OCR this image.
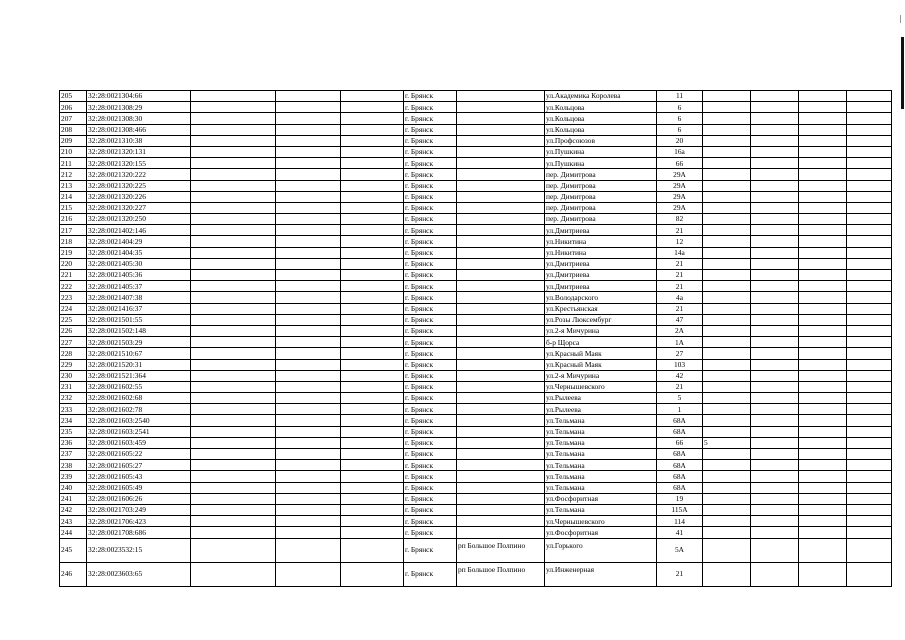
205	32:28:0021304:66				г. Брянск		ул.Академика Королева	11				
206	32:28:0021308:29				г. Брянск		ул.Кольцова	6				
207	32:28:0021308:30				г. Брянск		ул.Кольцова	6				
208	32:28:0021308:466				г. Брянск		ул.Кольцова	6				
209	32:28:0021310:38				г. Брянск		ул.Профсоюзов	20				
210	32:28:0021320:131				г. Брянск		ул.Пушкина	16а				
211	32:28:0021320:155				г. Брянск		ул.Пушкина	66				
212	32:28:0021320:222				г. Брянск		пер. Димитрова	29А				
213	32:28:0021320:225				г. Брянск		пер. Димитрова	29А				
214	32:28:0021320:226				г. Брянск		пер. Димитрова	29А				
215	32:28:0021320:227				г. Брянск		пер. Димитрова	29А				
216	32:28:0021320:250				г. Брянск		пер. Димитрова	82				
217	32:28:0021402:146				г. Брянск		ул.Дмитриева	21				
218	32:28:0021404:29				г. Брянск		ул.Никитина	12				
219	32:28:0021404:35				г. Брянск		ул.Никитина	14а				
220	32:28:0021405:30				г. Брянск		ул.Дмитриева	21				
221	32:28:0021405:36				г. Брянск		ул.Дмитриева	21				
222	32:28:0021405:37				г. Брянск		ул.Дмитриева	21				
223	32:28:0021407:38				г. Брянск		ул.Володарского	4а				
224	32:28:0021416:37				г. Брянск		ул.Крестьянская	21				
225	32:28:0021501:55				г. Брянск		ул.Розы Люксембург	47				
226	32:28:0021502:148				г. Брянск		ул.2-я Мичурина	2А				
227	32:28:0021503:29				г. Брянск		б-р Щорса	1А				
228	32:28:0021510:67				г. Брянск		ул.Красный Маяк	27				
229	32:28:0021520:31				г. Брянск		ул.Красный Маяк	103				
230	32:28:0021521:364				г. Брянск		ул.2-я Мичурина	42				
231	32:28:0021602:55				г. Брянск		ул.Чернышевского	21				
232	32:28:0021602:68				г. Брянск		ул.Рылеева	5				
233	32:28:0021602:78				г. Брянск		ул.Рылеева	1				
234	32:28:0021603:2540				г. Брянск		ул.Тельмана	68А				
235	32:28:0021603:2541				г. Брянск		ул.Тельмана	68А				
236	32:28:0021603:459				г. Брянск		ул.Тельмана	66	5			
237	32:28:0021605:22				г. Брянск		ул.Тельмана	68А				
238	32:28:0021605:27				г. Брянск		ул.Тельмана	68А				
239	32:28:0021605:43				г. Брянск		ул.Тельмана	68А				
240	32:28:0021605:49				г. Брянск		ул.Тельмана	68А				
241	32:28:0021606:26				г. Брянск		ул.Фосфоритная	19				
242	32:28:0021703:249				г. Брянск		ул.Тельмана	115А				
243	32:28:0021706:423				г. Брянск		ул.Чернышевского	114				
244	32:28:0021708:686				г. Брянск		ул.Фосфоритная	41				
245	32:28:0023532:15				г. Брянск	рп Большое Полпино	ул.Горького	5А				
246	32:28:0023603:65				г. Брянск	рп Большое Полпино	ул.Инженерная	21				
